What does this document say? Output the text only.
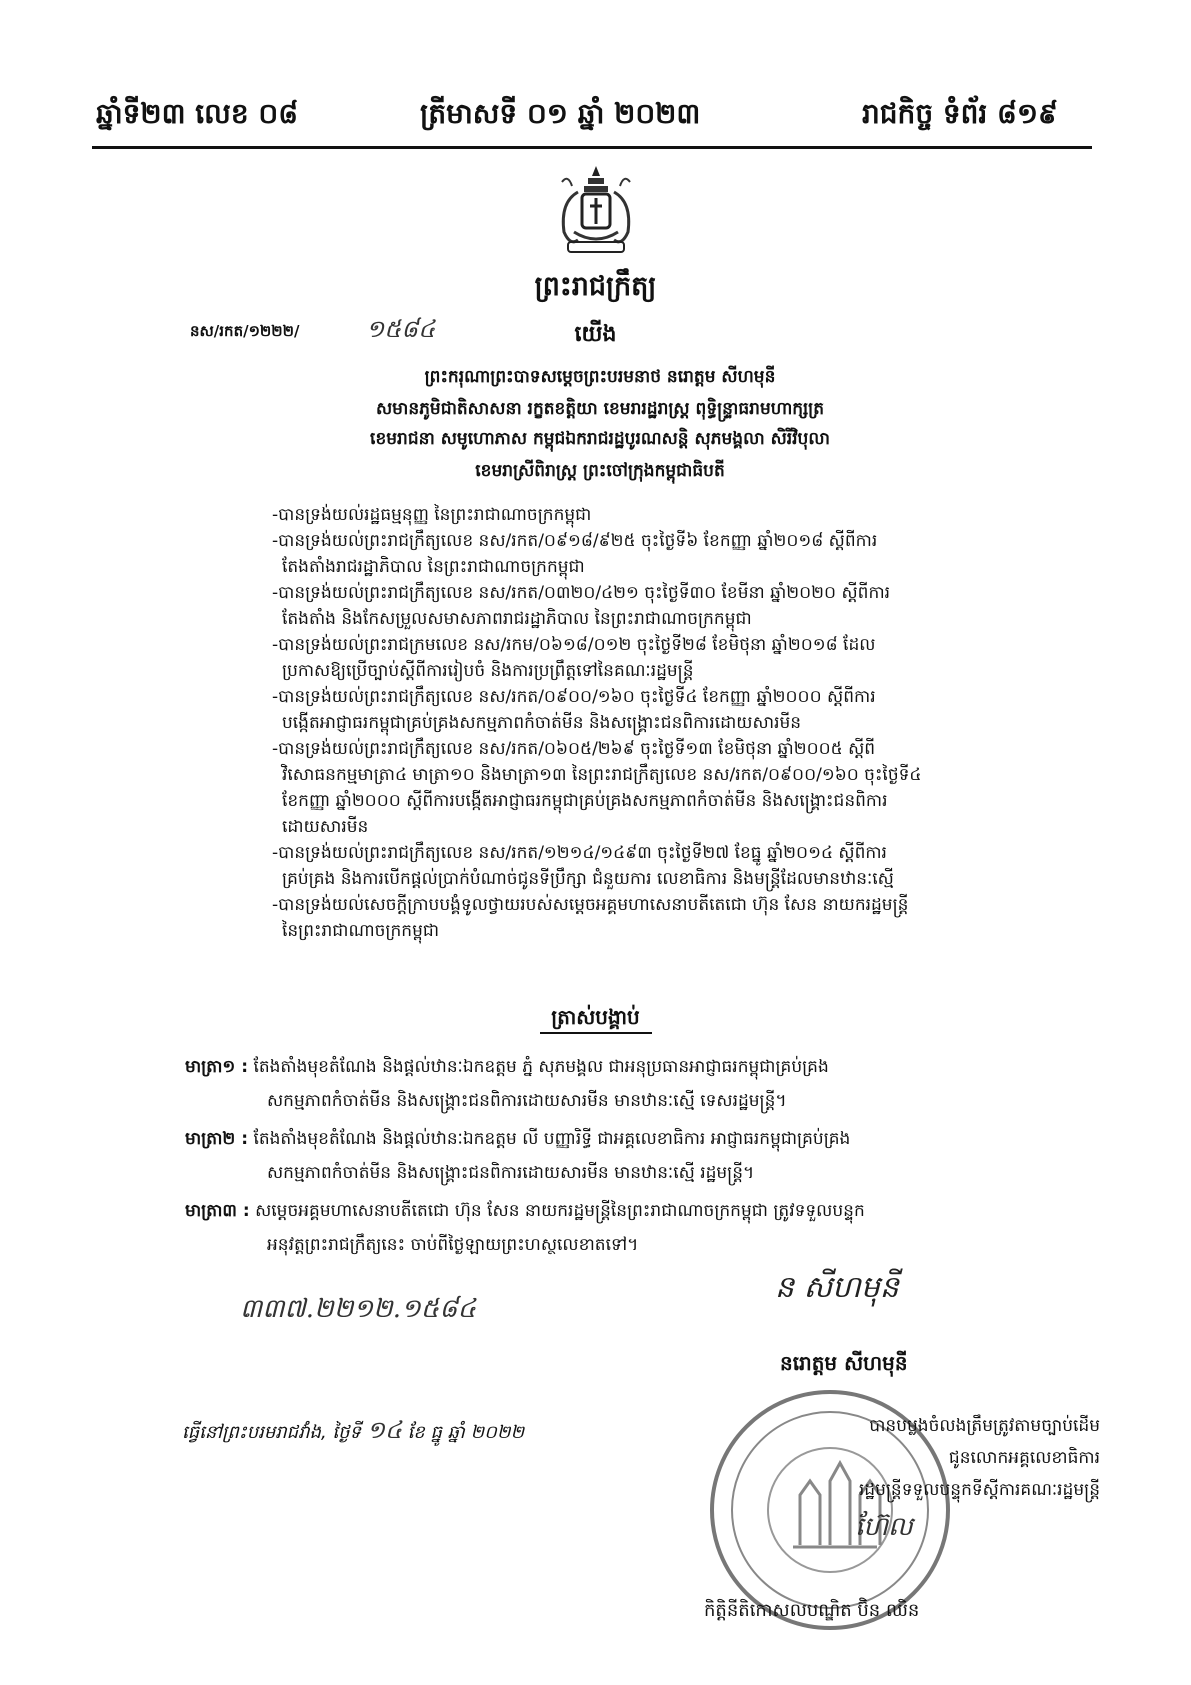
ឆ្នាំទី២៣ លេខ ០៨	ត្រីមាសទី ០១ ឆ្នាំ ២០២៣	រាជកិច្ច ទំព័រ ៨១៩
ព្រះរាជក្រឹត្យ
នស/រកត/១២២២/	១៥៨៤	យើង
ព្រះករុណាព្រះបាទសម្តេចព្រះបរមនាថ នរោត្តម សីហមុនី
សមានភូមិជាតិសាសនា រក្ខតខត្តិយា ខេមរារដ្ឋរាស្ត្រ ពុទ្ធិន្ទ្រាធរាមហាក្សត្រ
ខេមរាជនា សមូហោភាស កម្ពុជឯករាជរដ្ឋបូរណសន្តិ សុភមង្គលា សិរីវិបុលា
ខេមរាស្រីពិរាស្ត្រ ព្រះចៅក្រុងកម្ពុជាធិបតី
-បានទ្រង់យល់រដ្ឋធម្មនុញ្ញ នៃព្រះរាជាណាចក្រកម្ពុជា
-បានទ្រង់យល់ព្រះរាជក្រឹត្យលេខ នស/រកត/០៩១៨/៩២៥ ចុះថ្ងៃទី៦ ខែកញ្ញា ឆ្នាំ២០១៨ ស្តីពីការ
តែងតាំងរាជរដ្ឋាភិបាល នៃព្រះរាជាណាចក្រកម្ពុជា
-បានទ្រង់យល់ព្រះរាជក្រឹត្យលេខ នស/រកត/០៣២០/៤២១ ចុះថ្ងៃទី៣០ ខែមីនា ឆ្នាំ២០២០ ស្តីពីការ
តែងតាំង និងកែសម្រួលសមាសភាពរាជរដ្ឋាភិបាល នៃព្រះរាជាណាចក្រកម្ពុជា
-បានទ្រង់យល់ព្រះរាជក្រមលេខ នស/រកម/០៦១៨/០១២ ចុះថ្ងៃទី២៨ ខែមិថុនា ឆ្នាំ២០១៨ ដែល
ប្រកាសឱ្យប្រើច្បាប់ស្តីពីការរៀបចំ និងការប្រព្រឹត្តទៅនៃគណៈរដ្ឋមន្ត្រី
-បានទ្រង់យល់ព្រះរាជក្រឹត្យលេខ នស/រកត/០៩០០/១៦០ ចុះថ្ងៃទី៤ ខែកញ្ញា ឆ្នាំ២០០០ ស្តីពីការ
បង្កើតអាជ្ញាធរកម្ពុជាគ្រប់គ្រងសកម្មភាពកំចាត់មីន និងសង្គ្រោះជនពិការដោយសារមីន
-បានទ្រង់យល់ព្រះរាជក្រឹត្យលេខ នស/រកត/០៦០៥/២៦៩ ចុះថ្ងៃទី១៣ ខែមិថុនា ឆ្នាំ២០០៥ ស្តីពី
វិសោធនកម្មមាត្រា៤ មាត្រា១០ និងមាត្រា១៣ នៃព្រះរាជក្រឹត្យលេខ នស/រកត/០៩០០/១៦០ ចុះថ្ងៃទី៤
ខែកញ្ញា ឆ្នាំ២០០០ ស្តីពីការបង្កើតអាជ្ញាធរកម្ពុជាគ្រប់គ្រងសកម្មភាពកំចាត់មីន និងសង្គ្រោះជនពិការ
ដោយសារមីន
-បានទ្រង់យល់ព្រះរាជក្រឹត្យលេខ នស/រកត/១២១៤/១៤៩៣ ចុះថ្ងៃទី២៧ ខែធ្នូ ឆ្នាំ២០១៤ ស្តីពីការ
គ្រប់គ្រង និងការបើកផ្តល់ប្រាក់បំណាច់ជូនទីប្រឹក្សា ជំនួយការ លេខាធិការ និងមន្ត្រីដែលមានឋានៈស្មើ
-បានទ្រង់យល់សេចក្តីក្រាបបង្គំទូលថ្វាយរបស់សម្តេចអគ្គមហាសេនាបតីតេជោ ហ៊ុន សែន នាយករដ្ឋមន្ត្រី
នៃព្រះរាជាណាចក្រកម្ពុជា
ត្រាស់បង្គាប់
មាត្រា១ : តែងតាំងមុខតំណែង និងផ្តល់ឋានៈឯកឧត្តម ភ្នំ សុភមង្គល ជាអនុប្រធានអាជ្ញាធរកម្ពុជាគ្រប់គ្រង
សកម្មភាពកំចាត់មីន និងសង្គ្រោះជនពិការដោយសារមីន មានឋានៈស្មើ ទេសរដ្ឋមន្ត្រី។
មាត្រា២ : តែងតាំងមុខតំណែង និងផ្តល់ឋានៈឯកឧត្តម លី បញ្ញារិទ្ធី ជាអគ្គលេខាធិការ អាជ្ញាធរកម្ពុជាគ្រប់គ្រង
សកម្មភាពកំចាត់មីន និងសង្គ្រោះជនពិការដោយសារមីន មានឋានៈស្មើ រដ្ឋមន្ត្រី។
មាត្រា៣ : សម្តេចអគ្គមហាសេនាបតីតេជោ ហ៊ុន សែន នាយករដ្ឋមន្ត្រីនៃព្រះរាជាណាចក្រកម្ពុជា ត្រូវទទួលបន្ទុក
អនុវត្តព្រះរាជក្រឹត្យនេះ ចាប់ពីថ្ងៃឡាយព្រះហស្ថលេខាតទៅ។
៣៣៧.២២១២.១៥៨៤
ន សីហមុនី
នរោត្តម សីហមុនី
ធ្វើនៅព្រះបរមរាជវាំង, ថ្ងៃទី ១៤ ខែ ធ្នូ ឆ្នាំ ២០២២	បានបម្លងចំលងត្រឹមត្រូវតាមច្បាប់ដើម
ជូនលោកអគ្គលេខាធិការ
រដ្ឋមន្ត្រីទទួលបន្ទុកទីស្តីការគណៈរដ្ឋមន្ត្រី
ហ៊ែល
កិត្តិនីតិកោសលបណ្ឌិត ប៊ិន ឈិន
